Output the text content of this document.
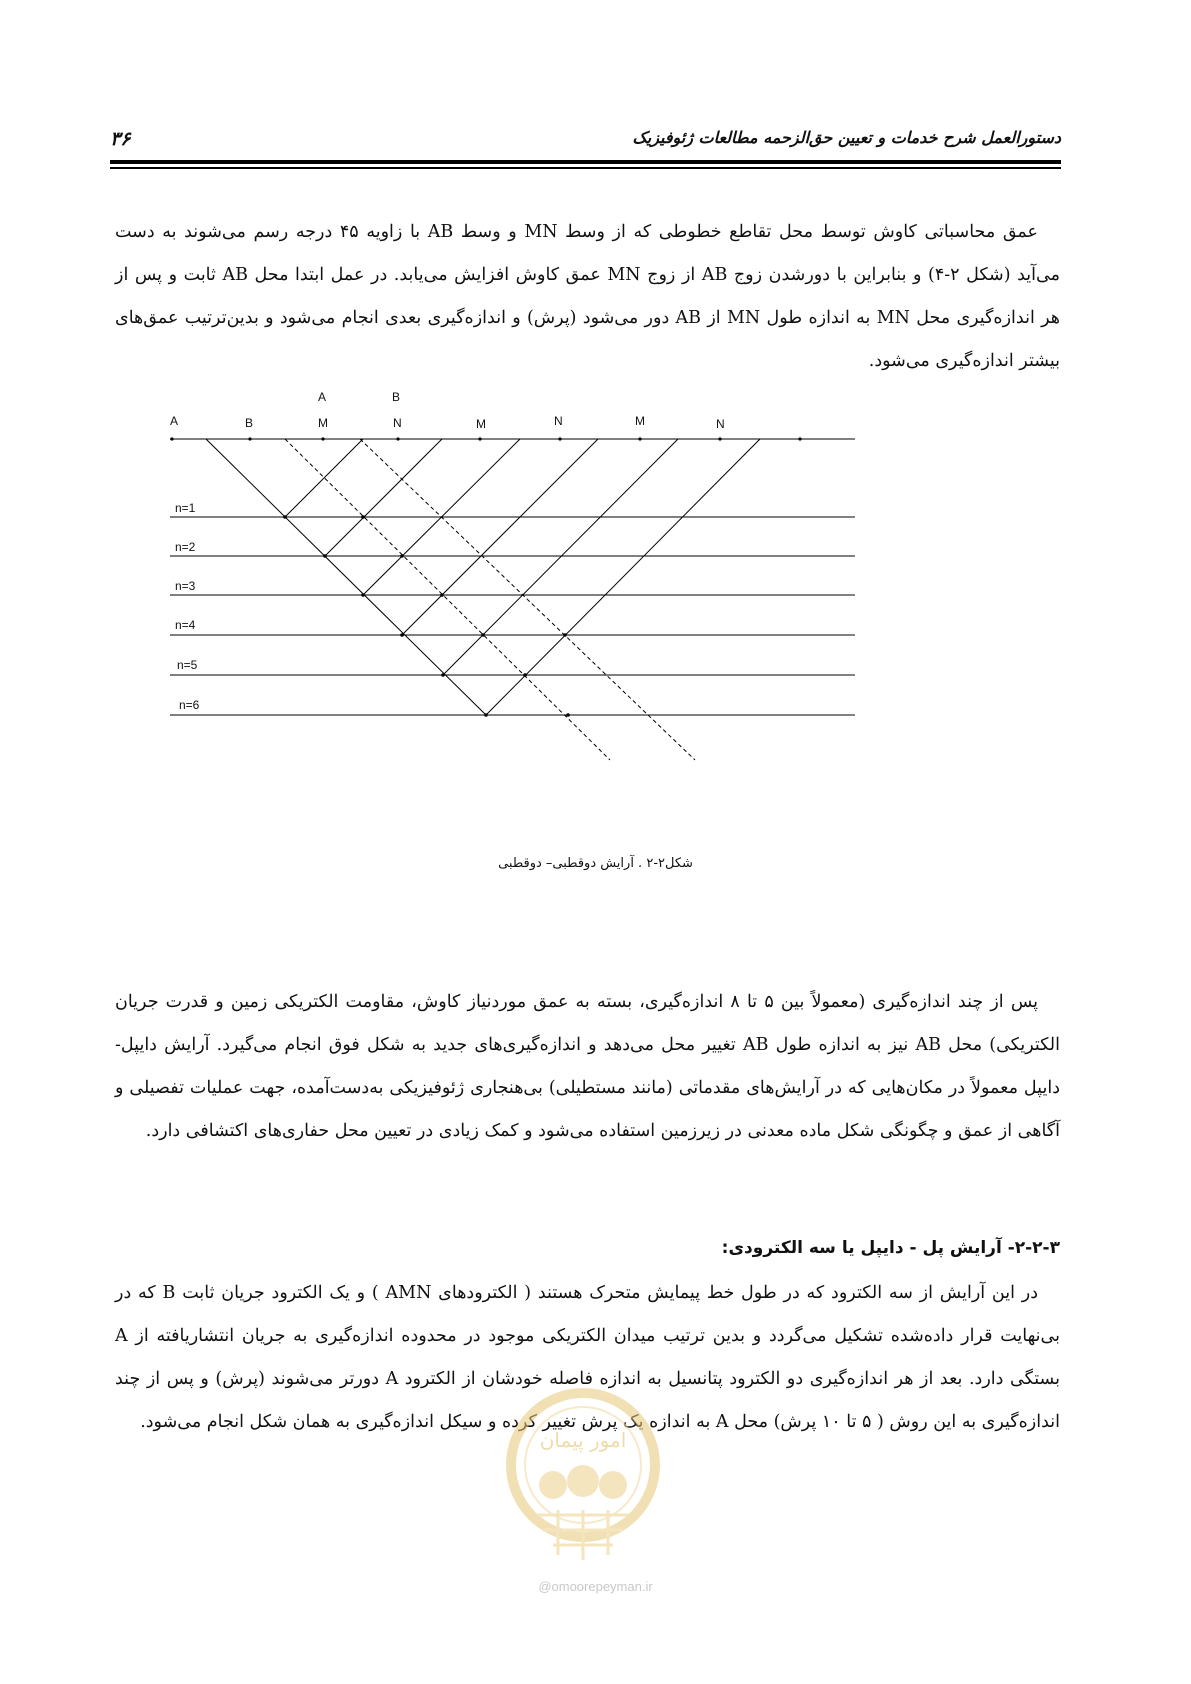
۳۶	دستورالعمل شرح خدمات و تعیین حق‌الزحمه مطالعات ژئوفیزیک
عمق محاسباتی کاوش توسط محل تقاطع خطوطی که از وسط MN و وسط AB با زاویه ۴۵ درجه رسم می‌شوند به دست می‌آید (شکل ۲-۴) و بنابراین با دورشدن زوج AB از زوج MN عمق کاوش افزایش می‌یابد. در عمل ابتدا محل AB ثابت و پس از هر اندازه‌گیری محل MN به اندازه طول MN از AB دور می‌شود (پرش) و اندازه‌گیری بعدی انجام می‌شود و بدین‌ترتیب عمق‌های بیشتر اندازه‌گیری می‌شود.
A	B	M	N	M	N	M	N
A	B
n=1
n=2
n=3
n=4
n=5
n=6
شکل۲-۲ . آرایش دوقطبی– دوقطبی
پس از چند اندازه‌گیری (معمولاً بین ۵ تا ۸ اندازه‌گیری، بسته به عمق موردنیاز کاوش، مقاومت الکتریکی زمین و قدرت جریان الکتریکی) محل AB نیز به اندازه طول AB تغییر محل می‌دهد و اندازه‌گیری‌های جدید به شکل فوق انجام می‌گیرد. آرایش دایپل-دایپل معمولاً در مکان‌هایی که در آرایش‌های مقدماتی (مانند مستطیلی) بی‌هنجاری ژئوفیزیکی به‌دست‌آمده، جهت عملیات تفصیلی و آگاهی از عمق و چگونگی شکل ماده معدنی در زیرزمین استفاده می‌شود و کمک زیادی در تعیین محل حفاری‌های اکتشافی دارد.
۲-۲-۳- آرایش پل - دایپل یا سه الکترودی:
در این آرایش از سه الکترود که در طول خط پیمایش متحرک هستند ( الکترودهای AMN ) و یک الکترود جریان ثابت B که در بی‌نهایت قرار داده‌شده تشکیل می‌گردد و بدین ترتیب میدان الکتریکی موجود در محدوده اندازه‌گیری به جریان انتشاریافته از A بستگی دارد. بعد از هر اندازه‌گیری دو الکترود پتانسیل به اندازه فاصله خودشان از الکترود A دورتر می‌شوند (پرش) و پس از چند اندازه‌گیری به این روش ( ۵ تا ۱۰ پرش) محل A به اندازه یک پرش تغییر کرده و سیکل اندازه‌گیری به همان شکل انجام می‌شود.
امور پیمان
@omoorepeyman.ir
